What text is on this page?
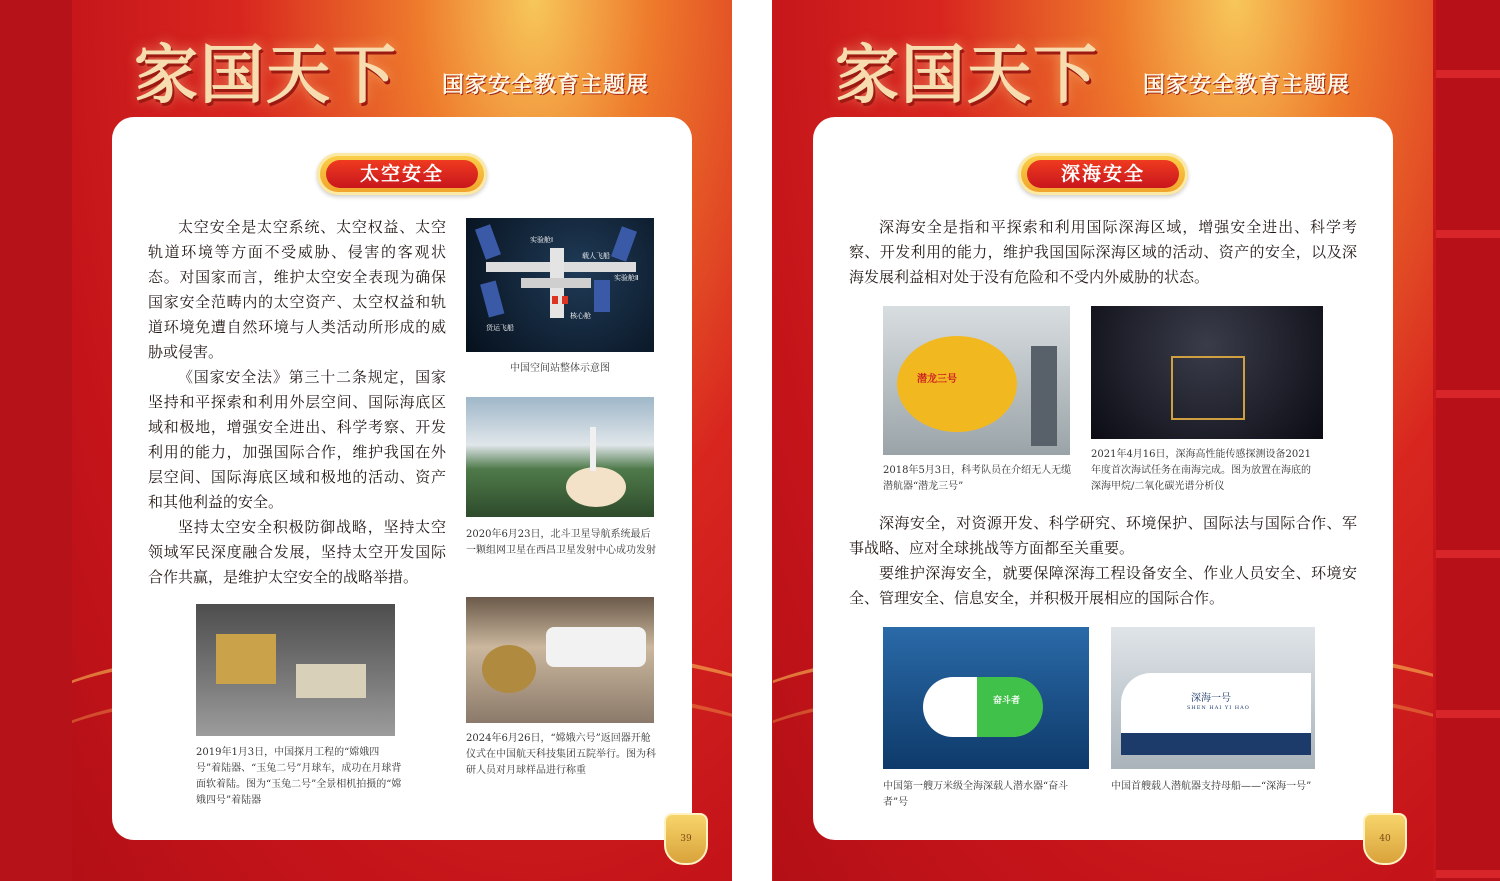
家国天下 国家安全教育主题展
太空安全

太空安全是太空系统、太空权益、太空轨道环境等方面不受威胁、侵害的客观状态。对国家而言，维护太空安全表现为确保国家安全范畴内的太空资产、太空权益和轨道环境免遭自然环境与人类活动所形成的威胁或侵害。

《国家安全法》第三十二条规定，国家坚持和平探索和利用外层空间、国际海底区域和极地，增强安全进出、科学考察、开发利用的能力，加强国际合作，维护我国在外层空间、国际海底区域和极地的活动、资产和其他利益的安全。

坚持太空安全积极防御战略，坚持太空领域军民深度融合发展，坚持太空开发国际合作共赢，是维护太空安全的战略举措。

载人飞船
实验舱Ⅰ
实验舱Ⅱ
核心舱
货运飞船
中国空间站整体示意图
2020年6月23日，北斗卫星导航系统最后一颗组网卫星在西昌卫星发射中心成功发射
2019年1月3日，中国探月工程的“嫦娥四号”着陆器、“玉兔二号”月球车，成功在月球背面软着陆。图为“玉兔二号”全景相机拍摄的“嫦娥四号”着陆器
2024年6月26日，“嫦娥六号”返回器开舱仪式在中国航天科技集团五院举行。图为科研人员对月球样品进行称重
39
家国天下 国家安全教育主题展
深海安全

深海安全是指和平探索和利用国际深海区域，增强安全进出、科学考察、开发利用的能力，维护我国国际深海区域的活动、资产的安全，以及深海发展利益相对处于没有危险和不受内外威胁的状态。

潜龙三号
2018年5月3日，科考队员在介绍无人无缆潜航器“潜龙三号”
2021年4月16日，深海高性能传感探测设备2021年度首次海试任务在南海完成。图为放置在海底的深海甲烷/二氧化碳光谱分析仪

深海安全，对资源开发、科学研究、环境保护、国际法与国际合作、军事战略、应对全球挑战等方面都至关重要。

要维护深海安全，就要保障深海工程设备安全、作业人员安全、环境安全、管理安全、信息安全，并积极开展相应的国际合作。

奋斗者
中国第一艘万米级全海深载人潜水器“奋斗者”号
深海一号
SHEN HAI YI HAO
中国首艘载人潜航器支持母船——“深海一号”
40
